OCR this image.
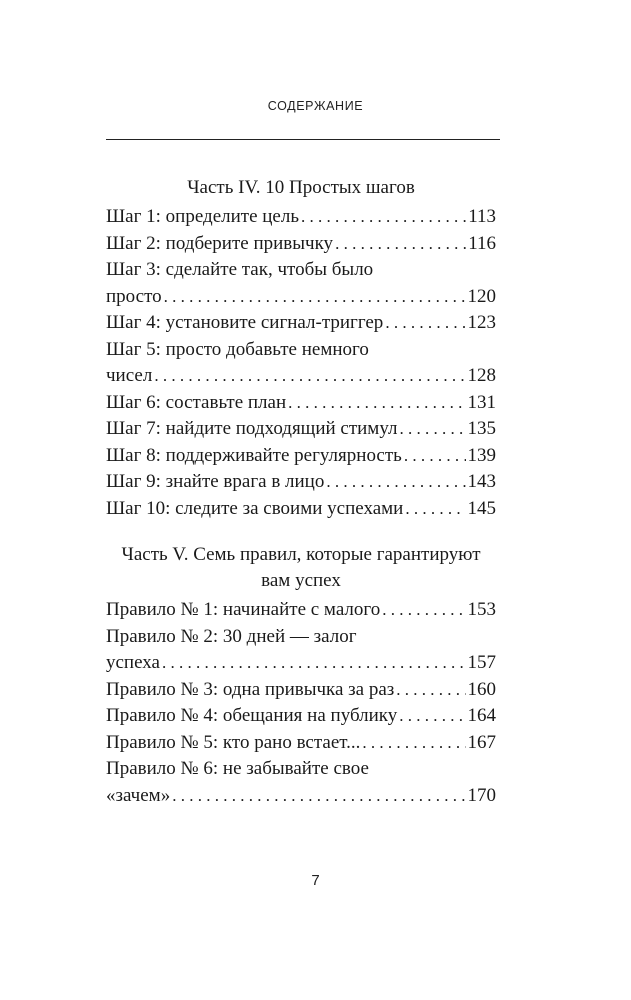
СОДЕРЖАНИЕ
Часть IV. 10 Простых шагов
Шаг 1: определите цель . . .	113
Шаг 2: подберите привычку . . .	116
Шаг 3: сделайте так, чтобы было
просто . . .	120
Шаг 4: установите сигнал-триггер . . .	123
Шаг 5: просто добавьте немного
чисел . . .	128
Шаг 6: составьте план . . .	131
Шаг 7: найдите подходящий стимул . . .	135
Шаг 8: поддерживайте регулярность . . .	139
Шаг 9: знайте врага в лицо . . .	143
Шаг 10: следите за своими успехами . . .	145
Часть V. Семь правил, которые гарантируют
вам успех
Правило № 1: начинайте с малого . . .	153
Правило № 2: 30 дней — залог
успеха . . .	157
Правило № 3: одна привычка за раз . . .	160
Правило № 4: обещания на публику . . .	164
Правило № 5: кто рано встает... . . .	167
Правило № 6: не забывайте свое
«зачем» . . .	170
7
